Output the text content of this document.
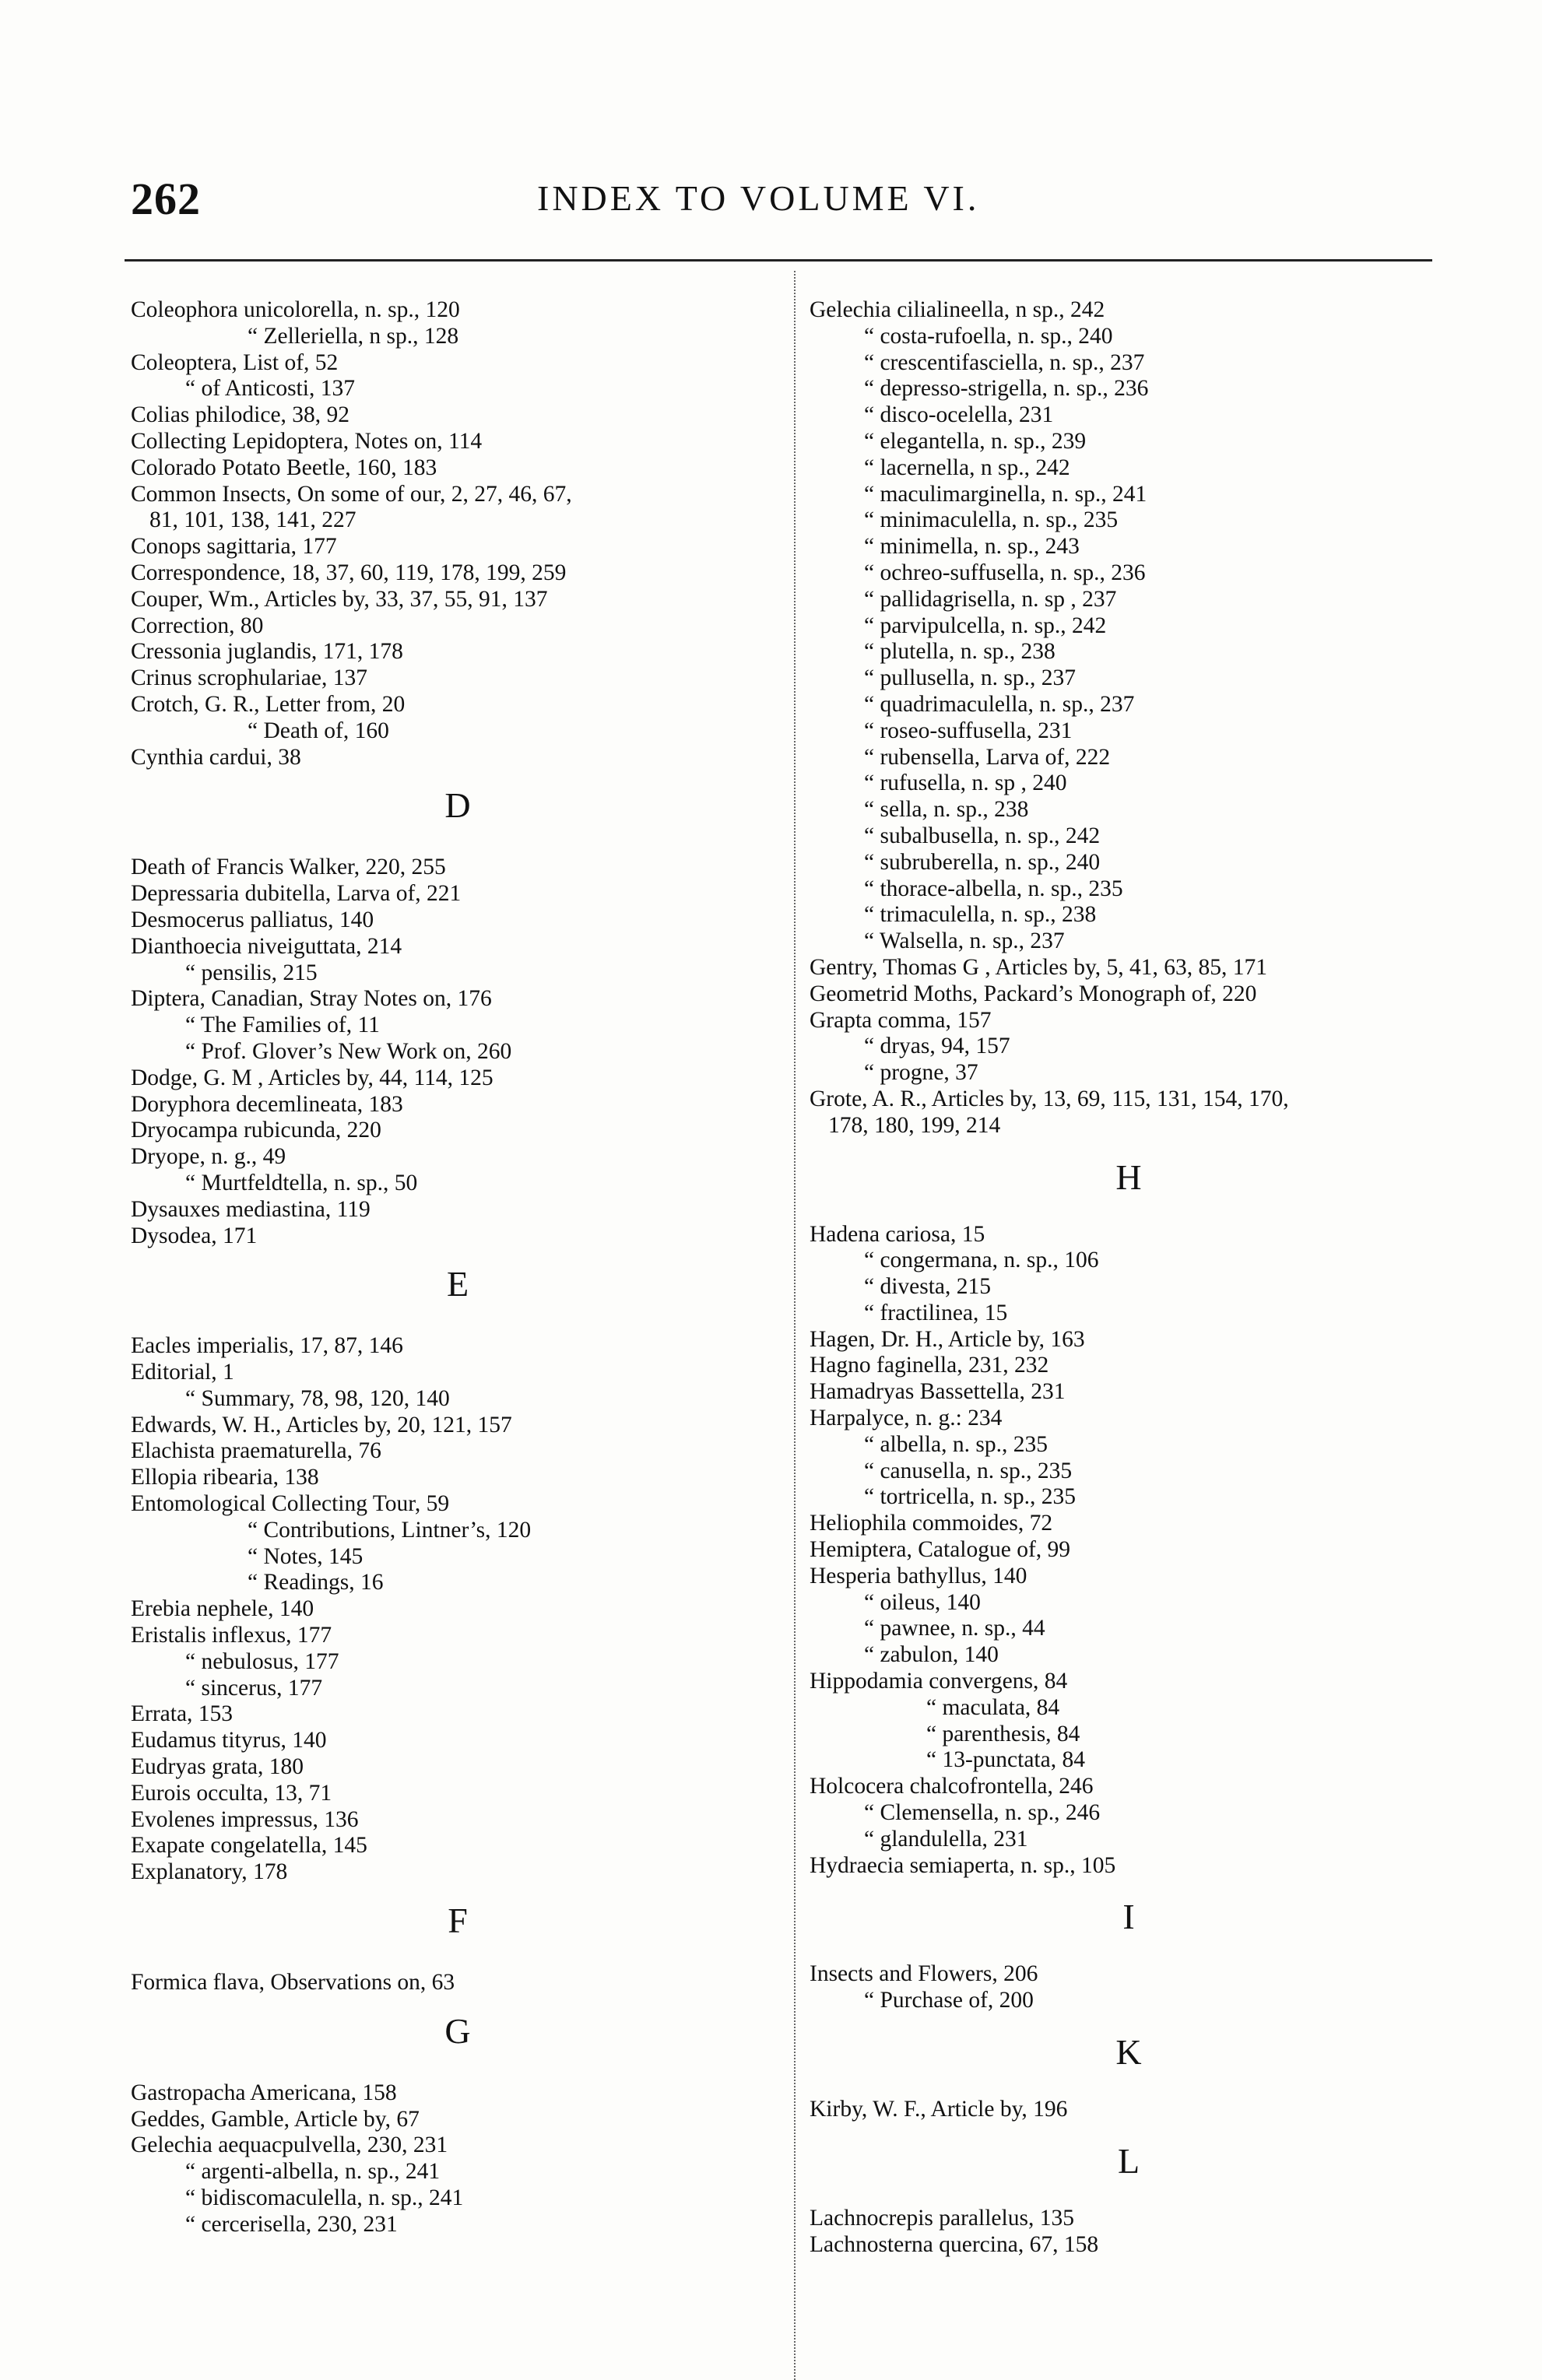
262	INDEX TO VOLUME VI.
Coleophora unicolorella, n. sp., 120
“ Zelleriella, n sp., 128
Coleoptera, List of, 52
“ of Anticosti, 137
Colias philodice, 38, 92
Collecting Lepidoptera, Notes on, 114
Colorado Potato Beetle, 160, 183
Common Insects, On some of our, 2, 27, 46, 67,
81, 101, 138, 141, 227
Conops sagittaria, 177
Correspondence, 18, 37, 60, 119, 178, 199, 259
Couper, Wm., Articles by, 33, 37, 55, 91, 137
Correction, 80
Cressonia juglandis, 171, 178
Crinus scrophulariae, 137
Crotch, G. R., Letter from, 20
“ Death of, 160
Cynthia cardui, 38
D
Death of Francis Walker, 220, 255
Depressaria dubitella, Larva of, 221
Desmocerus palliatus, 140
Dianthoecia niveiguttata, 214
“ pensilis, 215
Diptera, Canadian, Stray Notes on, 176
“ The Families of, 11
“ Prof. Glover’s New Work on, 260
Dodge, G. M , Articles by, 44, 114, 125
Doryphora decemlineata, 183
Dryocampa rubicunda, 220
Dryope, n. g., 49
“ Murtfeldtella, n. sp., 50
Dysauxes mediastina, 119
Dysodea, 171
E
Eacles imperialis, 17, 87, 146
Editorial, 1
“ Summary, 78, 98, 120, 140
Edwards, W. H., Articles by, 20, 121, 157
Elachista praematurella, 76
Ellopia ribearia, 138
Entomological Collecting Tour, 59
“ Contributions, Lintner’s, 120
“ Notes, 145
“ Readings, 16
Erebia nephele, 140
Eristalis inflexus, 177
“ nebulosus, 177
“ sincerus, 177
Errata, 153
Eudamus tityrus, 140
Eudryas grata, 180
Eurois occulta, 13, 71
Evolenes impressus, 136
Exapate congelatella, 145
Explanatory, 178
F
Formica flava, Observations on, 63
G
Gastropacha Americana, 158
Geddes, Gamble, Article by, 67
Gelechia aequacpulvella, 230, 231
“ argenti-albella, n. sp., 241
“ bidiscomaculella, n. sp., 241
“ cercerisella, 230, 231
Gelechia cilialineella, n sp., 242
“ costa-rufoella, n. sp., 240
“ crescentifasciella, n. sp., 237
“ depresso-strigella, n. sp., 236
“ disco-ocelella, 231
“ elegantella, n. sp., 239
“ lacernella, n sp., 242
“ maculimarginella, n. sp., 241
“ minimaculella, n. sp., 235
“ minimella, n. sp., 243
“ ochreo-suffusella, n. sp., 236
“ pallidagrisella, n. sp , 237
“ parvipulcella, n. sp., 242
“ plutella, n. sp., 238
“ pullusella, n. sp., 237
“ quadrimaculella, n. sp., 237
“ roseo-suffusella, 231
“ rubensella, Larva of, 222
“ rufusella, n. sp , 240
“ sella, n. sp., 238
“ subalbusella, n. sp., 242
“ subruberella, n. sp., 240
“ thorace-albella, n. sp., 235
“ trimaculella, n. sp., 238
“ Walsella, n. sp., 237
Gentry, Thomas G , Articles by, 5, 41, 63, 85, 171
Geometrid Moths, Packard’s Monograph of, 220
Grapta comma, 157
“ dryas, 94, 157
“ progne, 37
Grote, A. R., Articles by, 13, 69, 115, 131, 154, 170,
178, 180, 199, 214
H
Hadena cariosa, 15
“ congermana, n. sp., 106
“ divesta, 215
“ fractilinea, 15
Hagen, Dr. H., Article by, 163
Hagno faginella, 231, 232
Hamadryas Bassettella, 231
Harpalyce, n. g.: 234
“ albella, n. sp., 235
“ canusella, n. sp., 235
“ tortricella, n. sp., 235
Heliophila commoides, 72
Hemiptera, Catalogue of, 99
Hesperia bathyllus, 140
“ oileus, 140
“ pawnee, n. sp., 44
“ zabulon, 140
Hippodamia convergens, 84
“ maculata, 84
“ parenthesis, 84
“ 13-punctata, 84
Holcocera chalcofrontella, 246
“ Clemensella, n. sp., 246
“ glandulella, 231
Hydraecia semiaperta, n. sp., 105
I
Insects and Flowers, 206
“ Purchase of, 200
K
Kirby, W. F., Article by, 196
L
Lachnocrepis parallelus, 135
Lachnosterna quercina, 67, 158
